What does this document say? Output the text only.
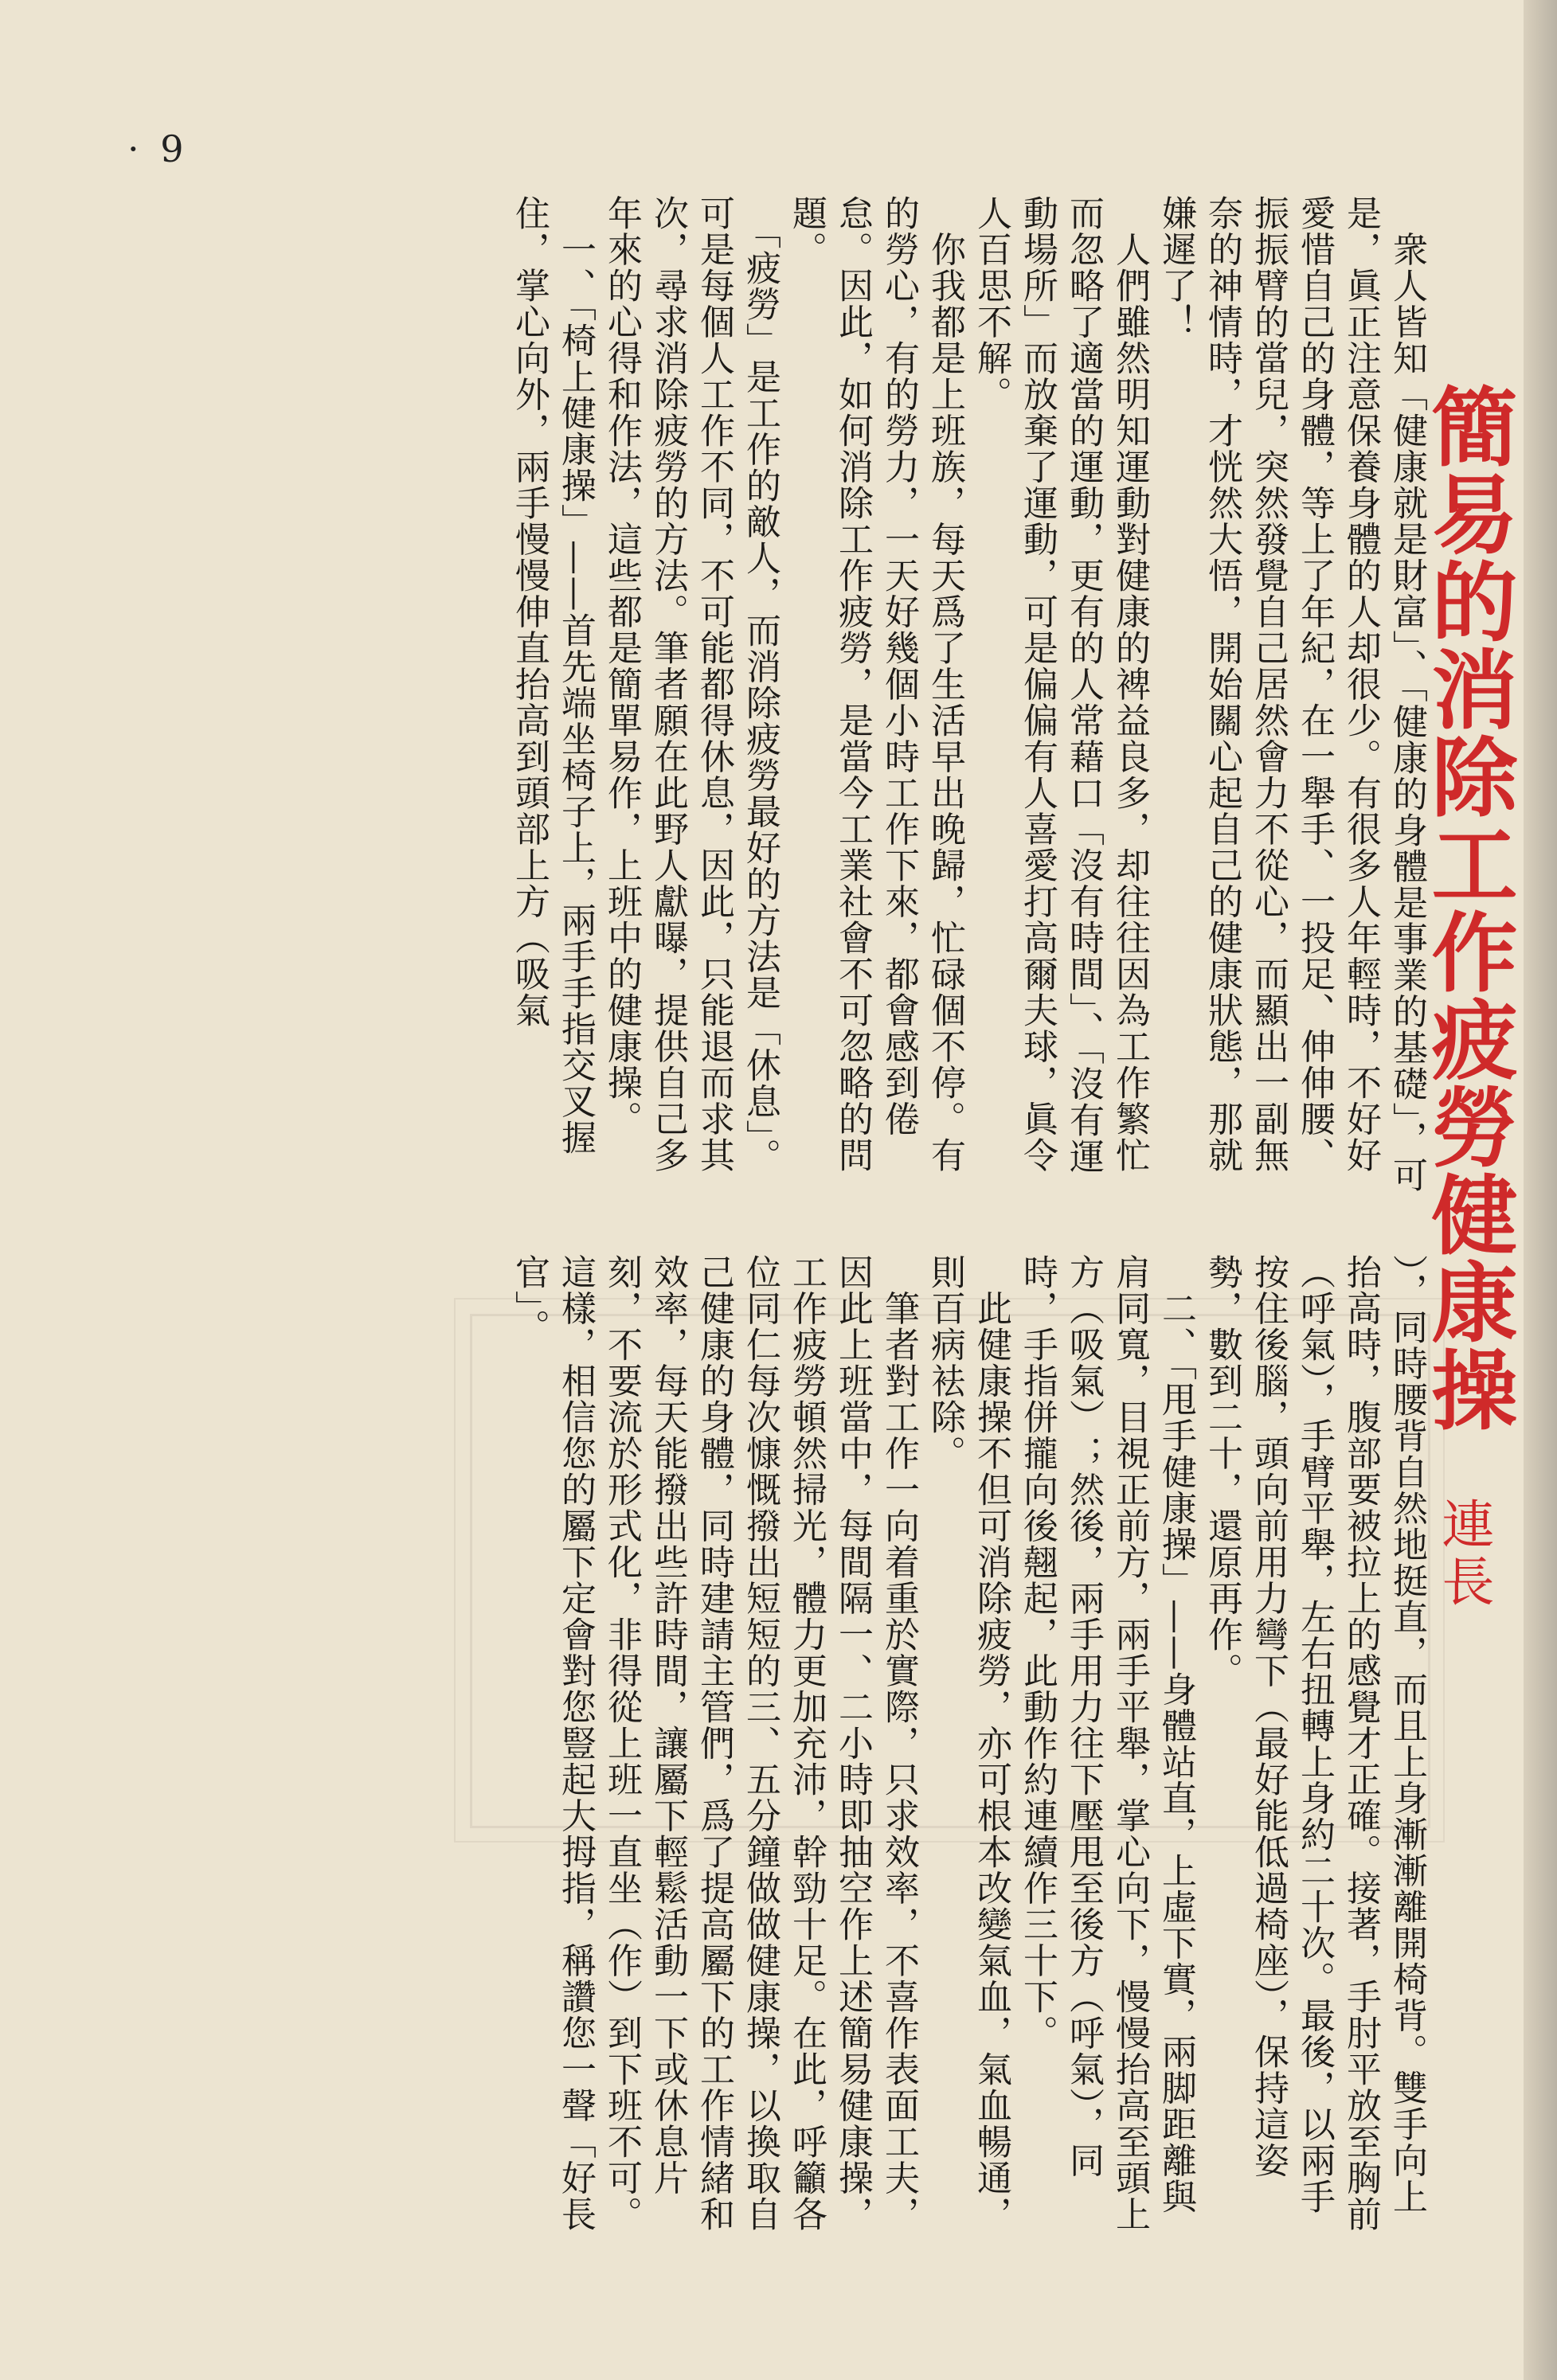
· 9
簡易的消除工作疲勞健康操
連長

　衆人皆知「健康就是財富」、「健康的身體是事業的基礎」，可是，眞正注意保養身體的人却很少。有很多人年輕時，不好好愛惜自己的身體，等上了年紀，在一舉手、一投足、伸伸腰、振振臂的當兒，突然發覺自己居然會力不從心，而顯出一副無奈的神情時，才恍然大悟，開始關心起自己的健康狀態，那就嫌遲了！

　人們雖然明知運動對健康的裨益良多，却往往因為工作繁忙而忽略了適當的運動，更有的人常藉口「沒有時間」、「沒有運動場所」而放棄了運動，可是偏偏有人喜愛打高爾夫球，眞令人百思不解。

　你我都是上班族，每天爲了生活早出晚歸，忙碌個不停。有的勞心，有的勞力，一天好幾個小時工作下來，都會感到倦怠。因此，如何消除工作疲勞，是當今工業社會不可忽略的問題。

　「疲勞」是工作的敵人，而消除疲勞最好的方法是「休息」。可是每個人工作不同，不可能都得休息，因此，只能退而求其次，尋求消除疲勞的方法。筆者願在此野人獻曝，提供自己多年來的心得和作法，這些都是簡單易作，上班中的健康操。

　一、「椅上健康操」——首先端坐椅子上，兩手手指交叉握住，掌心向外，兩手慢慢伸直抬高到頭部上方（吸氣

），同時腰背自然地挺直，而且上身漸漸離開椅背。雙手向上抬高時，腹部要被拉上的感覺才正確。接著，手肘平放至胸前（呼氣），手臂平舉，左右扭轉上身約二十次。最後，以兩手按住後腦，頭向前用力彎下（最好能低過椅座），保持這姿勢，數到二十，還原再作。

　二、「甩手健康操」——身體站直，上虛下實，兩脚距離與肩同寬，目視正前方，兩手平舉，掌心向下，慢慢抬高至頭上方（吸氣）；然後，兩手用力往下壓甩至後方（呼氣），同時，手指併攏向後翹起，此動作約連續作三十下。

　此健康操不但可消除疲勞，亦可根本改變氣血，氣血暢通，則百病袪除。

　筆者對工作一向着重於實際，只求效率，不喜作表面工夫，因此上班當中，每間隔一、二小時即抽空作上述簡易健康操，工作疲勞頓然掃光，體力更加充沛，幹勁十足。在此，呼籲各位同仁每次慷慨撥出短短的三、五分鐘做做健康操，以換取自己健康的身體，同時建請主管們，爲了提高屬下的工作情緒和效率，每天能撥出些許時間，讓屬下輕鬆活動一下或休息片刻，不要流於形式化，非得從上班一直坐（作）到下班不可。這樣，相信您的屬下定會對您豎起大拇指，稱讚您一聲「好長官」。
